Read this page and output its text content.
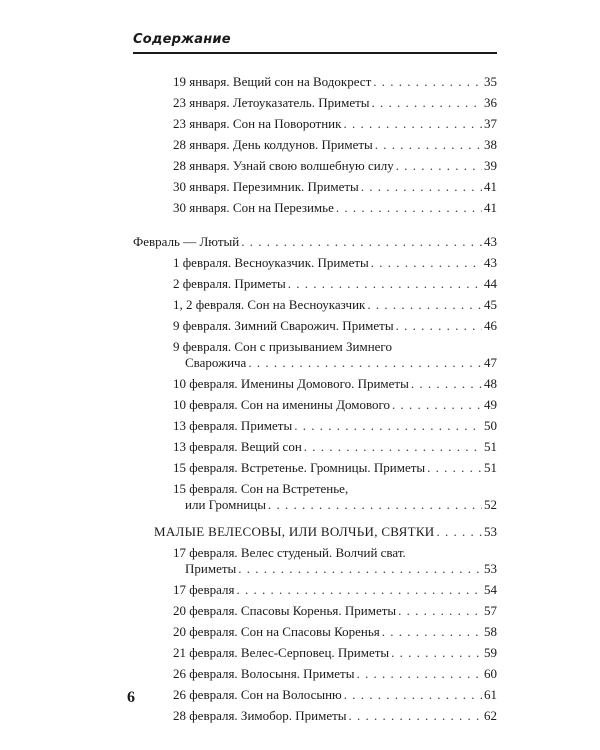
Содержание
19 января. Вещий сон на Водокрест . . .	35
23 января. Летоуказатель. Приметы . . .	36
23 января. Сон на Поворотник . . .	37
28 января. День колдунов. Приметы . . .	38
28 января. Узнай свою волшебную силу . . .	39
30 января. Перезимник. Приметы . . .	41
30 января. Сон на Перезимье . . .	41
Февраль — Лютый . . .	43
1 февраля. Весноуказчик. Приметы . . .	43
2 февраля. Приметы . . .	44
1, 2 февраля. Сон на Весноуказчик . . .	45
9 февраля. Зимний Сварожич. Приметы . . .	46
9 февраля. Сон с призыванием Зимнего
Сварожича . . .	47
10 февраля. Именины Домового. Приметы . . .	48
10 февраля. Сон на именины Домового . . .	49
13 февраля. Приметы . . .	50
13 февраля. Вещий сон . . .	51
15 февраля. Встретенье. Громницы. Приметы . . .	51
15 февраля. Сон на Встретенье,
или Громницы . . .	52
МАЛЫЕ ВЕЛЕСОВЫ, ИЛИ ВОЛЧЬИ, СВЯТКИ . . .	53
17 февраля. Велес студеный. Волчий сват.
Приметы . . .	53
17 февраля . . .	54
20 февраля. Спасовы Коренья. Приметы . . .	57
20 февраля. Сон на Спасовы Коренья . . .	58
21 февраля. Велес-Серповец. Приметы . . .	59
26 февраля. Волосыня. Приметы . . .	60
26 февраля. Сон на Волосыню . . .	61
28 февраля. Зимобор. Приметы . . .	62
6
